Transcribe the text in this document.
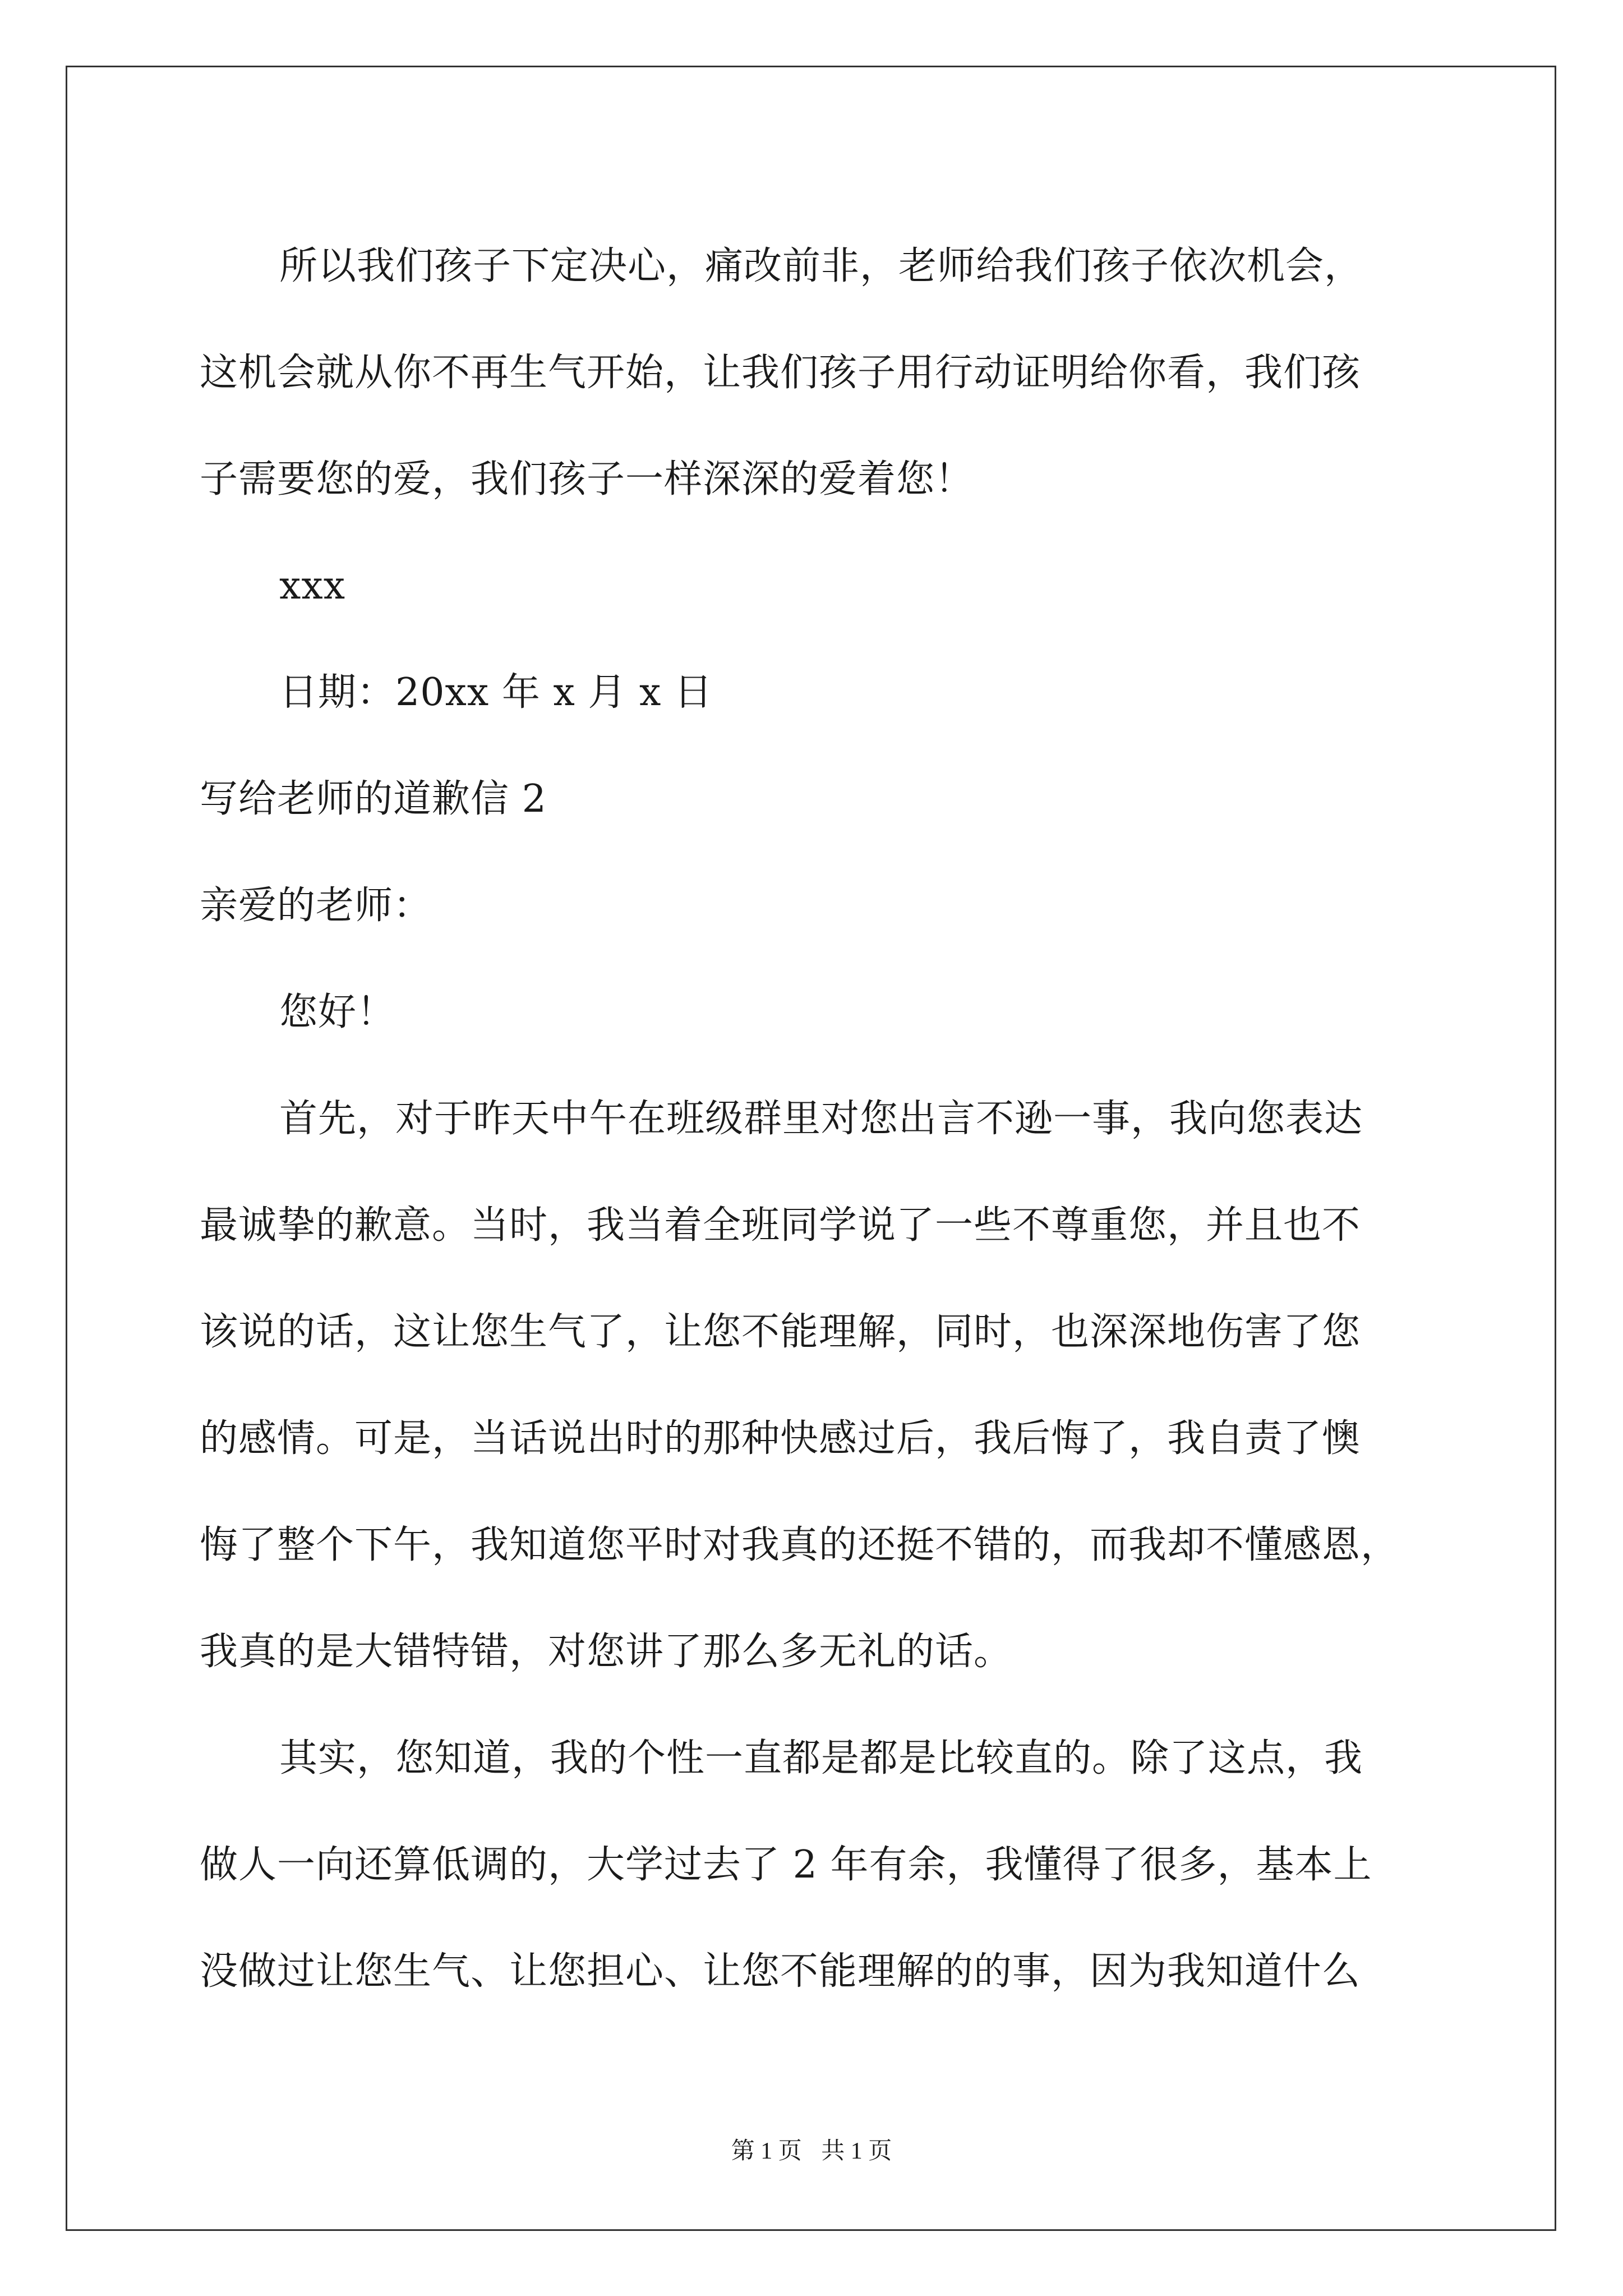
所以我们孩子下定决心，痛改前非，老师给我们孩子依次机会，
这机会就从你不再生气开始，让我们孩子用行动证明给你看，我们孩
子需要您的爱，我们孩子一样深深的爱着您！
xxx
日期：20xx 年 x 月 x 日
写给老师的道歉信 2
亲爱的老师：
您好！
首先，对于昨天中午在班级群里对您出言不逊一事，我向您表达
最诚挚的歉意。当时，我当着全班同学说了一些不尊重您，并且也不
该说的话，这让您生气了，让您不能理解，同时，也深深地伤害了您
的感情。可是，当话说出时的那种快感过后，我后悔了，我自责了懊
悔了整个下午，我知道您平时对我真的还挺不错的，而我却不懂感恩，
我真的是大错特错，对您讲了那么多无礼的话。
其实，您知道，我的个性一直都是都是比较直的。除了这点，我
做人一向还算低调的，大学过去了 2 年有余，我懂得了很多，基本上
没做过让您生气、让您担心、让您不能理解的的事，因为我知道什么
第 1 页 共 1 页
